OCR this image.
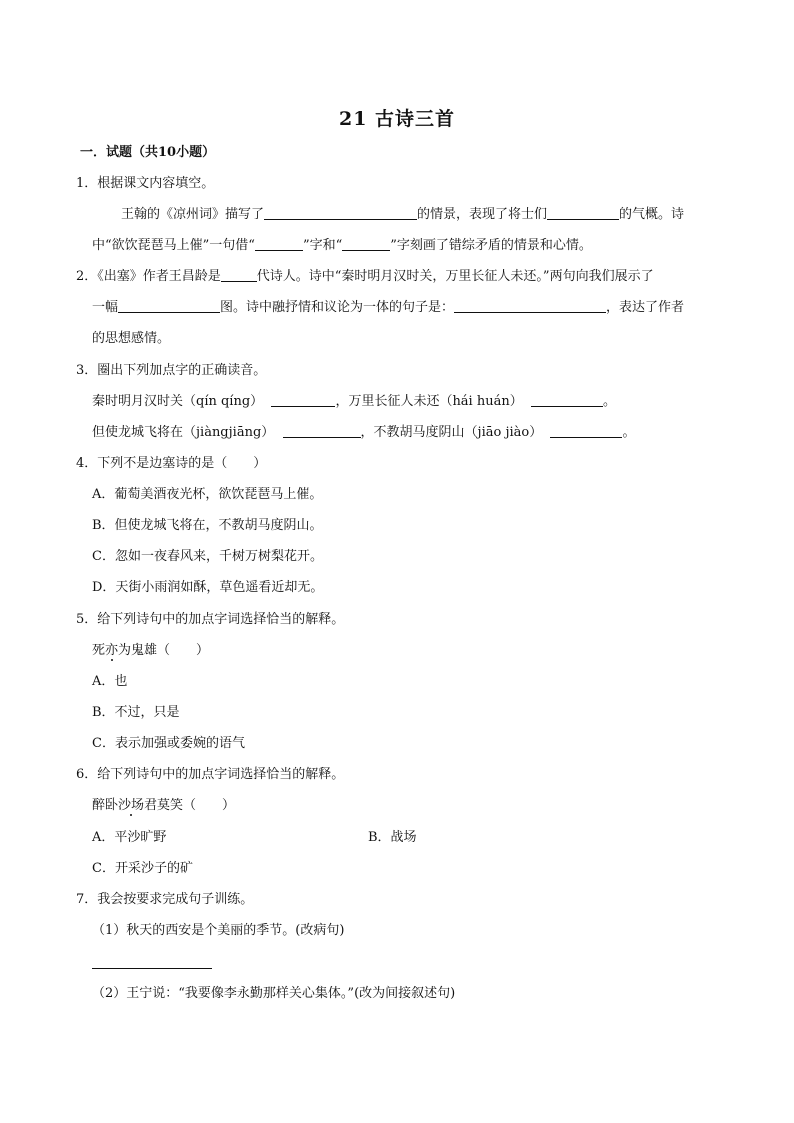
21 古诗三首
一．试题（共10小题）
1．根据课文内容填空。
王翰的《凉州词》描写了	的情景，表现了将士们	的气概。诗
中“欲饮琵琶马上催”一句借“	”字和“	”字刻画了错综矛盾的情景和心情。
2．《出塞》作者王昌龄是	代诗人。诗中“秦时明月汉时关，万里长征人未还。”两句向我们展示了
一幅	图。诗中融抒情和议论为一体的句子是：	，表达了作者
的思想感情。
3．圈出下列加点字的正确读音。
秦时明月汉时关（qín qíng）	，万里长征人未还（hái huán）	。
但使龙城飞将在（jiàngjiāng）	，不教胡马度阴山（jiāo jiào）	。
4．下列不是边塞诗的是（　　）
A．葡萄美酒夜光杯，欲饮琵琶马上催。
B．但使龙城飞将在，不教胡马度阴山。
C．忽如一夜春风来，千树万树梨花开。
D．天街小雨润如酥，草色遥看近却无。
5．给下列诗句中的加点字词选择恰当的解释。
死亦为鬼雄（　　）
A．也
B．不过，只是
C．表示加强或委婉的语气
6．给下列诗句中的加点字词选择恰当的解释。
醉卧沙场君莫笑（　　）
A．平沙旷野	B．战场
C．开采沙子的矿
7．我会按要求完成句子训练。
（1）秋天的西安是个美丽的季节。(改病句)
（2）王宁说：“我要像李永勤那样关心集体。”(改为间接叙述句)
